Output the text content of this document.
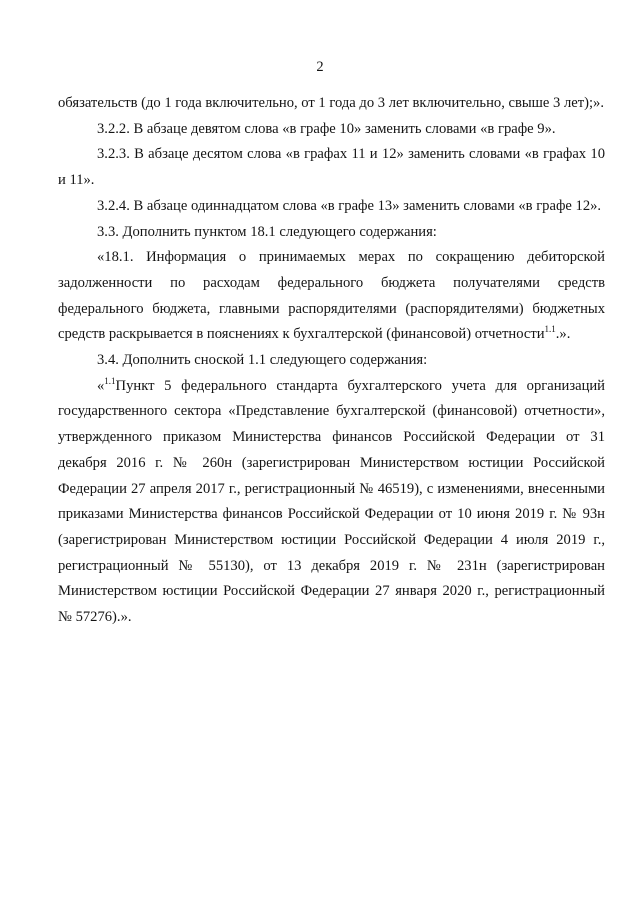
2

обязательств (до 1 года включительно, от 1 года до 3 лет включительно, свыше 3 лет);».

3.2.2. В абзаце девятом слова «в графе 10» заменить словами «в графе 9».

3.2.3. В абзаце десятом слова «в графах 11 и 12» заменить словами «в графах 10 и 11».

3.2.4. В абзаце одиннадцатом слова «в графе 13» заменить словами «в графе 12».

3.3. Дополнить пунктом 18.1 следующего содержания:

«18.1. Информация о принимаемых мерах по сокращению дебиторской задолженности по расходам федерального бюджета получателями средств федерального бюджета, главными распорядителями (распорядителями) бюджетных средств раскрывается в пояснениях к бухгалтерской (финансовой) отчетности$^{1.1}$.».

3.4. Дополнить сноской 1.1 следующего содержания:

«$^{1.1}$Пункт 5 федерального стандарта бухгалтерского учета для организаций государственного сектора «Представление бухгалтерской (финансовой) отчетности», утвержденного приказом Министерства финансов Российской Федерации от 31 декабря 2016 г. № 260н (зарегистрирован Министерством юстиции Российской Федерации 27 апреля 2017 г., регистрационный № 46519), с изменениями, внесенными приказами Министерства финансов Российской Федерации от 10 июня 2019 г. № 93н (зарегистрирован Министерством юстиции Российской Федерации 4 июля 2019 г., регистрационный № 55130), от 13 декабря 2019 г. № 231н (зарегистрирован Министерством юстиции Российской Федерации 27 января 2020 г., регистрационный № 57276).».
